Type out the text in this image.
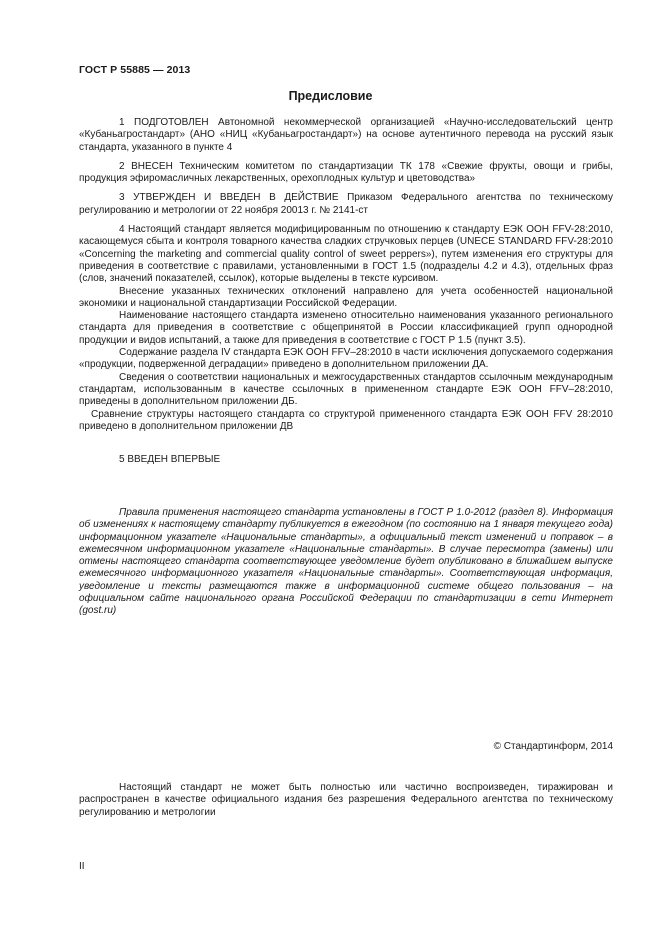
ГОСТ Р 55885 — 2013
Предисловие

1 ПОДГОТОВЛЕН Автономной некоммерческой организацией «Научно-исследовательский центр «Кубаньагростандарт» (АНО «НИЦ «Кубаньагростандарт») на основе аутентичного перевода на русский язык стандарта, указанного в пункте 4

2 ВНЕСЕН Техническим комитетом по стандартизации ТК 178 «Свежие фрукты, овощи и грибы, продукция эфиромасличных лекарственных, орехоплодных культур и цветоводства»

3 УТВЕРЖДЕН И ВВЕДЕН В ДЕЙСТВИЕ Приказом Федерального агентства по техническому регулированию и метрологии от 22 ноября 20013 г. № 2141-ст

4 Настоящий стандарт является модифицированным по отношению к стандарту ЕЭК ООН FFV-28:2010, касающемуся сбыта и контроля товарного качества сладких стручковых перцев (UNECE STANDARD FFV-28:2010 «Concerning the marketing and commercial quality control of sweet peppers»), путем изменения его структуры для приведения в соответствие с правилами, установленными в ГОСТ 1.5 (подразделы 4.2 и 4.3), отдельных фраз (слов, значений показателей, ссылок), которые выделены в тексте курсивом.

Внесение указанных технических отклонений направлено для учета особенностей национальной экономики и национальной стандартизации Российской Федерации.

Наименование настоящего стандарта изменено относительно наименования указанного регионального стандарта для приведения в соответствие с общепринятой в России классификацией групп однородной продукции и видов испытаний, а также для приведения в соответствие с ГОСТ Р 1.5 (пункт 3.5).

Содержание раздела IV стандарта ЕЭК ООН FFV–28:2010 в части исключения допускаемого содержания «продукции, подверженной деградации» приведено в дополнительном приложении ДА.

Сведения о соответствии национальных и межгосударственных стандартов ссылочным международным стандартам, использованным в качестве ссылочных в примененном стандарте ЕЭК ООН FFV–28:2010, приведены в дополнительном приложении ДБ.

Сравнение структуры настоящего стандарта со структурой примененного стандарта ЕЭК ООН FFV 28:2010 приведено в дополнительном приложении ДВ

5 ВВЕДЕН ВПЕРВЫЕ

Правила применения настоящего стандарта установлены в ГОСТ Р 1.0-2012 (раздел 8). Информация об изменениях к настоящему стандарту публикуется в ежегодном (по состоянию на 1 января текущего года) информационном указателе «Национальные стандарты», а официальный текст изменений и поправок – в ежемесячном информационном указателе «Национальные стандарты». В случае пересмотра (замены) или отмены настоящего стандарта соответствующее уведомление будет опубликовано в ближайшем выпуске ежемесячного информационного указателя «Национальные стандарты». Соответствующая информация, уведомление и тексты размещаются также в информационной системе общего пользования – на официальном сайте национального органа Российской Федерации по стандартизации в сети Интернет (gost.ru)

© Стандартинформ, 2014

Настоящий стандарт не может быть полностью или частично воспроизведен, тиражирован и распространен в качестве официального издания без разрешения Федерального агентства по техническому регулированию и метрологии

II
